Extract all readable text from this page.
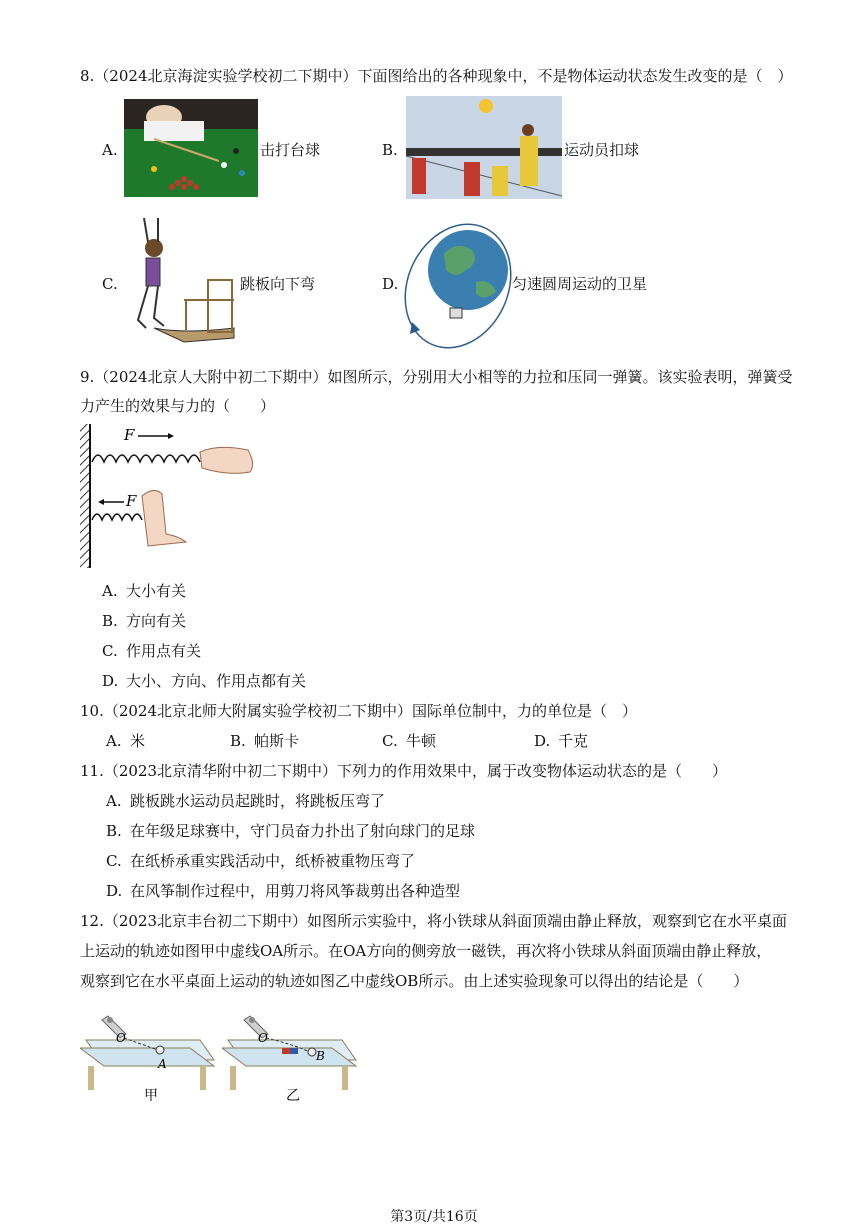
8.（2024北京海淀实验学校初二下期中）下面图给出的各种现象中，不是物体运动状态发生改变的是（　）
A.	击打台球	B.	运动员扣球
C.	跳板向下弯	D.	匀速圆周运动的卫星
9.（2024北京人大附中初二下期中）如图所示，分别用大小相等的力拉和压同一弹簧。该实验表明，弹簧受
力产生的效果与力的（　　）
F
F
A. 大小有关
B. 方向有关
C. 作用点有关
D. 大小、方向、作用点都有关
10.（2024北京北师大附属实验学校初二下期中）国际单位制中，力的单位是（　）
A. 米	B. 帕斯卡	C. 牛顿	D. 千克
11.（2023北京清华附中初二下期中）下列力的作用效果中，属于改变物体运动状态的是（　　）
A. 跳板跳水运动员起跳时，将跳板压弯了
B. 在年级足球赛中，守门员奋力扑出了射向球门的足球
C. 在纸桥承重实践活动中，纸桥被重物压弯了
D. 在风筝制作过程中，用剪刀将风筝裁剪出各种造型
12.（2023北京丰台初二下期中）如图所示实验中，将小铁球从斜面顶端由静止释放，观察到它在水平桌面
上运动的轨迹如图甲中虚线OA所示。在OA方向的侧旁放一磁铁，再次将小铁球从斜面顶端由静止释放，
观察到它在水平桌面上运动的轨迹如图乙中虚线OB所示。由上述实验现象可以得出的结论是（　　）
O
A
甲
O
B
乙
第3页/共16页
